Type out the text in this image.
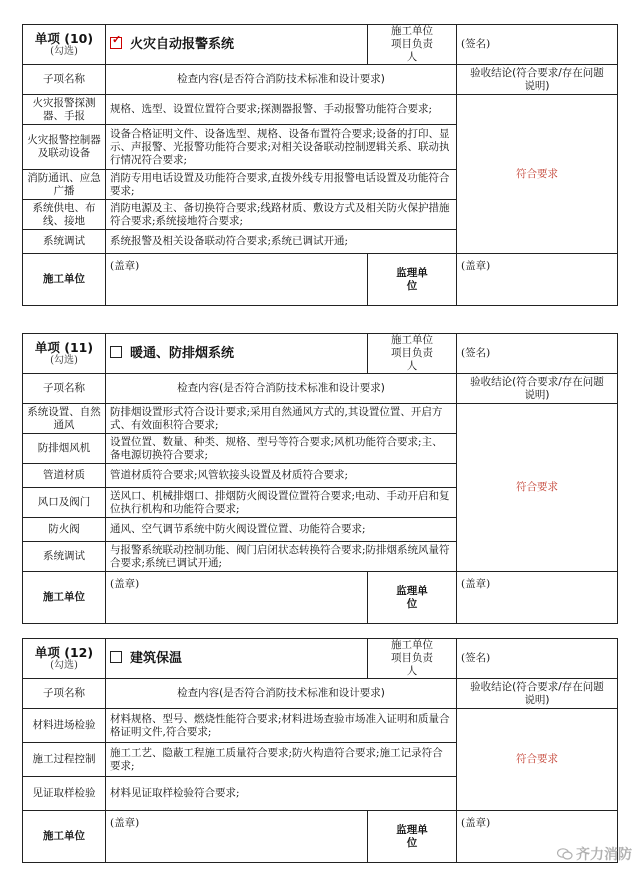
单项 (10)
(勾选)
	✓火灾自动报警系统	施工单位项目负责人	(签名)
子项名称	检查内容(是否符合消防技术标准和设计要求)		验收结论(符合要求/存在问题说明)
火灾报警探测器、手报	规格、选型、设置位置符合要求;探测器报警、手动报警功能符合要求;		符合要求
火灾报警控制器及联动设备	设备合格证明文件、设备选型、规格、设备布置符合要求;设备的打印、显示、声报警、光报警功能符合要求;对相关设备联动控制逻辑关系、联动执行情况符合要求;		
消防通讯、应急广播	消防专用电话设置及功能符合要求,直拨外线专用报警电话设置及功能符合要求;		
系统供电、布线、接地	消防电源及主、备切换符合要求;线路材质、敷设方式及相关防火保护措施符合要求;系统接地符合要求;		
系统调试	系统报警及相关设备联动符合要求;系统已调试开通;		
施工单位	(盖章)	监理单位	(盖章)
单项 (11)
(勾选)	暖通、防排烟系统	施工单位项目负责人	(签名)
子项名称	检查内容(是否符合消防技术标准和设计要求)		验收结论(符合要求/存在问题说明)
系统设置、自然通风	防排烟设置形式符合设计要求;采用自然通风方式的,其设置位置、开启方式、有效面积符合要求;		符合要求
防排烟风机	设置位置、数量、种类、规格、型号等符合要求;风机功能符合要求;主、备电源切换符合要求;		
管道材质	管道材质符合要求;风管软接头设置及材质符合要求;		
风口及阀门	送风口、机械排烟口、排烟防火阀设置位置符合要求;电动、手动开启和复位执行机构和功能符合要求;		
防火阀	通风、空气调节系统中防火阀设置位置、功能符合要求;		
系统调试	与报警系统联动控制功能、阀门启闭状态转换符合要求;防排烟系统风量符合要求;系统已调试开通;		
施工单位	(盖章)	监理单位	(盖章)
单项 (12)
(勾选)	建筑保温	施工单位项目负责人	(签名)
子项名称	检查内容(是否符合消防技术标准和设计要求)		验收结论(符合要求/存在问题说明)
材料进场检验	材料规格、型号、燃烧性能符合要求;材料进场查验市场准入证明和质量合格证明文件,符合要求;		符合要求
施工过程控制	施工工艺、隐蔽工程施工质量符合要求;防火构造符合要求;施工记录符合要求;		
见证取样检验	材料见证取样检验符合要求;		
施工单位	(盖章)	监理单位	(盖章)
齐力消防
